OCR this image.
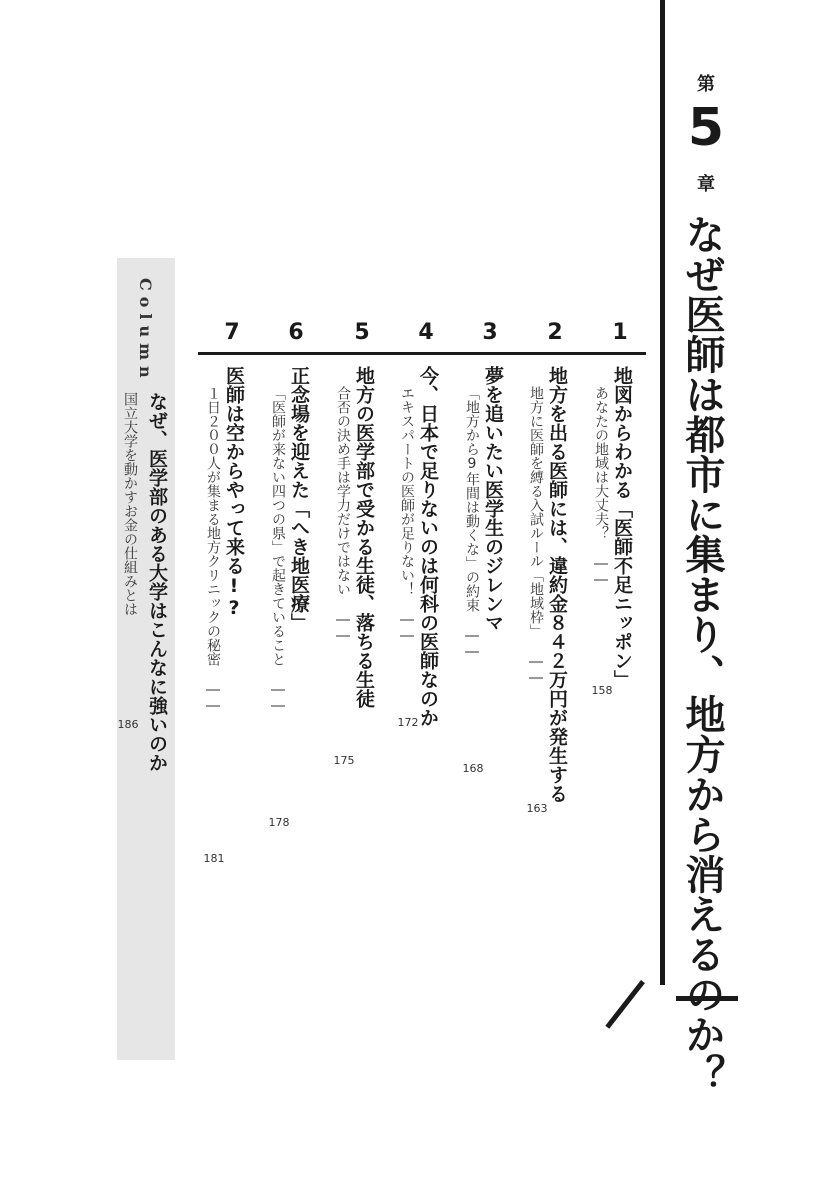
第
5
章
なぜ医師は都市に集まり、地方から消えるのか？
1
2
3
4
5
6
7
地図からわかる「医師不足ニッポン」
あなたの地域は大丈夫？ ――
158
地方を出る医師には、違約金８４２万円が発生する
地方に医師を縛る入試ルール「地域枠」 ――
163
夢を追いたい医学生のジレンマ
「地方から9年間は動くな」の約束 ――
168
今、日本で足りないのは何科の医師なのか
エキスパートの医師が足りない！ ――
172
地方の医学部で受かる生徒、落ちる生徒
合否の決め手は学力だけではない ――
175
正念場を迎えた「へき地医療」
「医師が来ない四つの県」で起きていること ――
178
医師は空からやって来る!?
１日２００人が集まる地方クリニックの秘密 ――
181
Column
なぜ、医学部のある大学はこんなに強いのか
国立大学を動かすお金の仕組みとは
186
